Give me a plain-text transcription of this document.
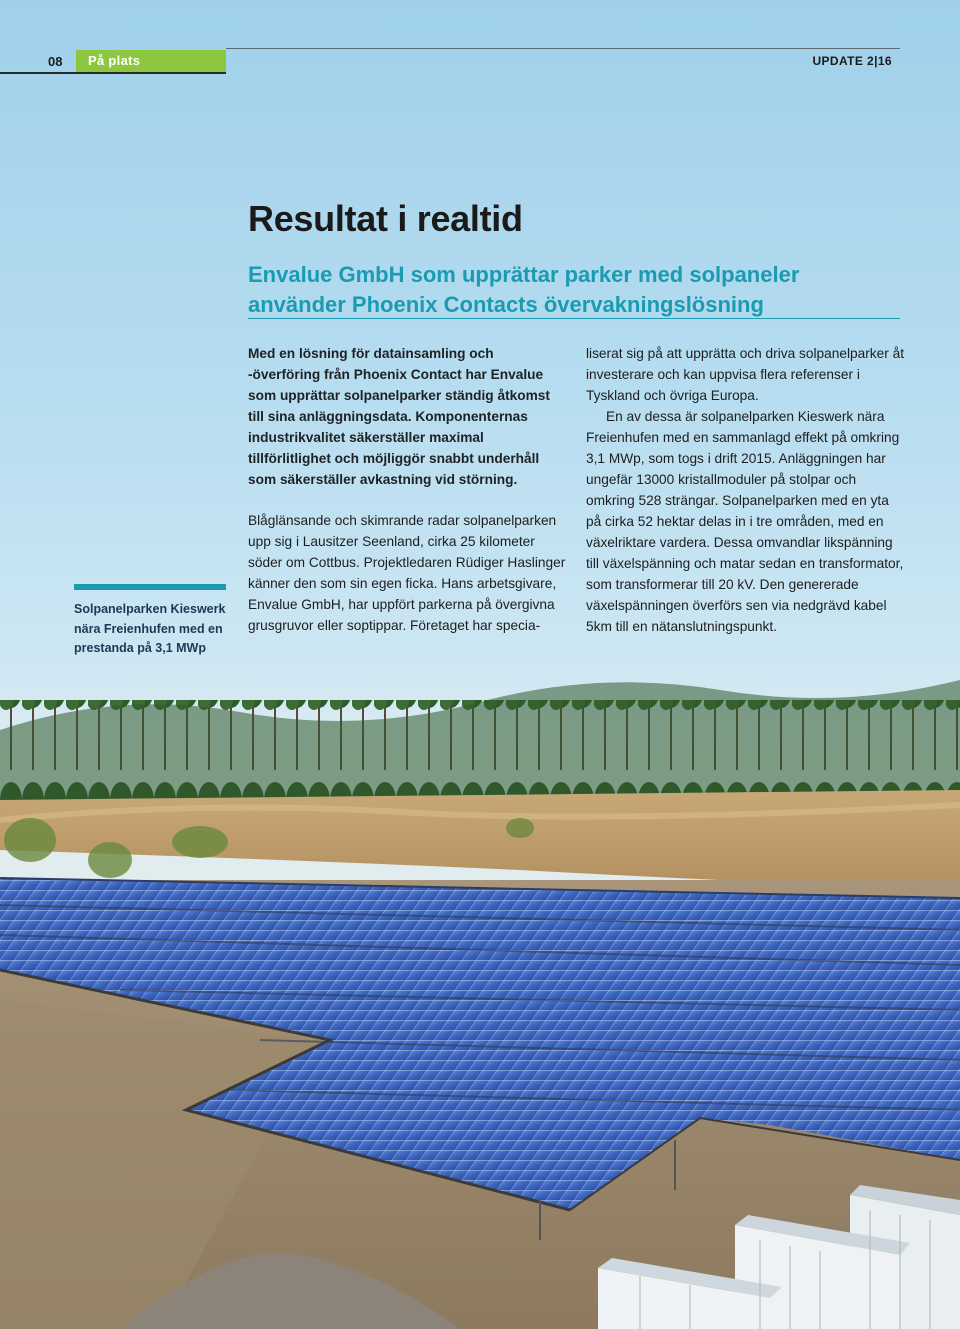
08	På plats	UPDATE 2|16
Resultat i realtid
Envalue GmbH som upprättar parker med solpaneler använder Phoenix Contacts övervakningslösning

Med en lösning för datainsamling och -överföring från Phoenix Contact har Envalue som upprättar solpanelparker ständig åtkomst till sina anläggningsdata. Komponenternas industrikvalitet säkerställer maximal tillförlitlighet och möjliggör snabbt underhåll som säkerställer avkastning vid störning.

Blåglänsande och skimrande radar solpanelparken upp sig i Lausitzer Seenland, cirka 25 kilometer söder om Cottbus. Projektledaren Rüdiger Haslinger känner den som sin egen ficka. Hans arbetsgivare, Envalue GmbH, har uppfört parkerna på övergivna grusgruvor eller soptippar. Företaget har specia-

liserat sig på att upprätta och driva solpanelparker åt investerare och kan uppvisa flera referenser i Tyskland och övriga Europa.

En av dessa är solpanelparken Kieswerk nära Freienhufen med en sammanlagd effekt på omkring 3,1 MWp, som togs i drift 2015. Anläggningen har ungefär 13000 kristallmoduler på stolpar och omkring 528 strängar. Solpanelparken med en yta på cirka 52 hektar delas in i tre områden, med en växelriktare vardera. Dessa omvandlar likspänning till växelspänning och matar sedan en transformator, som transformerar till 20 kV. Den genererade växelspänningen överförs sen via nedgrävd kabel 5km till en nätanslutningspunkt.

Solpanelparken Kieswerk nära Freienhufen med en prestanda på 3,1 MWp
